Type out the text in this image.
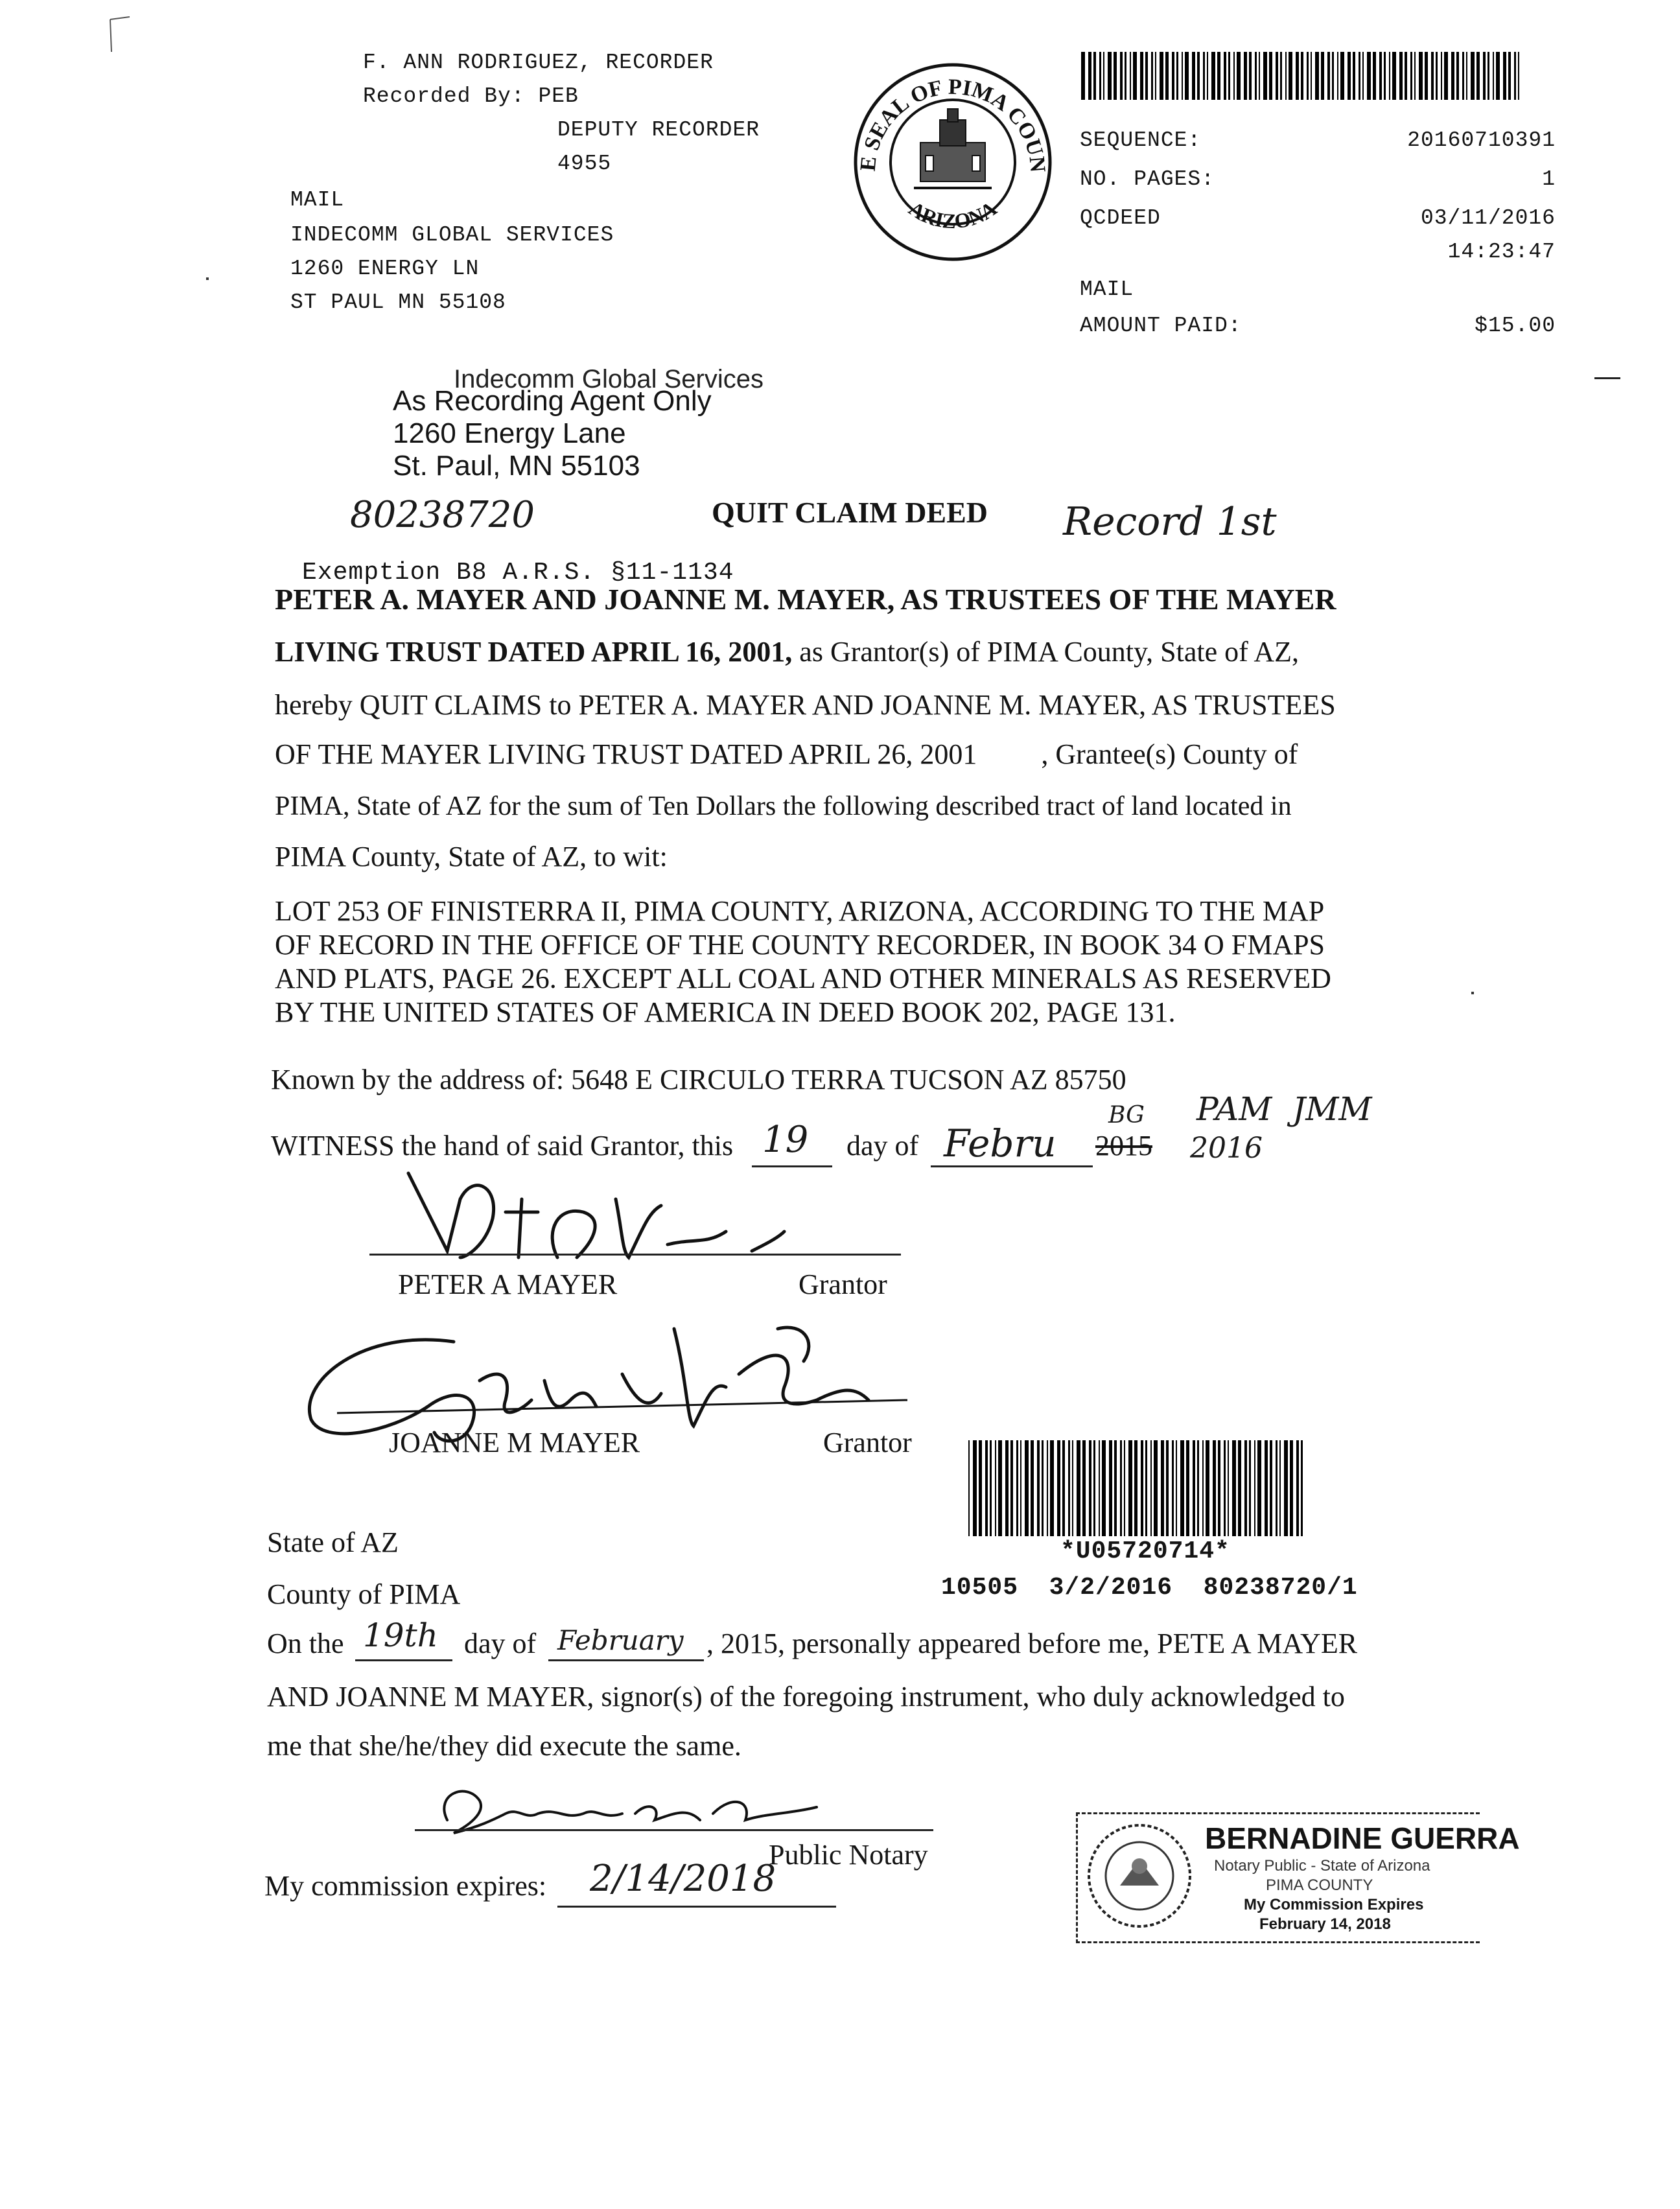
F. ANN RODRIGUEZ, RECORDER
Recorded By: PEB
DEPUTY RECORDER
4955
MAIL
INDECOMM GLOBAL SERVICES
1260 ENERGY LN
ST PAUL MN 55108
THE SEAL OF PIMA COUNTY
ARIZONA
SEQUENCE:	20160710391
NO. PAGES:	1
QCDEED	03/11/2016
14:23:47
MAIL
AMOUNT PAID:	$15.00
Indecomm Global Services
As Recording Agent Only
1260 Energy Lane
St. Paul, MN 55103
80238720	QUIT CLAIM DEED Record 1st
Exemption B8 A.R.S. §11-1134
PETER A. MAYER AND JOANNE M. MAYER, AS TRUSTEES OF THE MAYER
LIVING TRUST DATED APRIL 16, 2001, as Grantor(s) of PIMA County, State of AZ,
hereby QUIT CLAIMS to PETER A. MAYER AND JOANNE M. MAYER, AS TRUSTEES
OF THE MAYER LIVING TRUST DATED APRIL 26, 2001         , Grantee(s) County of
PIMA, State of AZ for the sum of Ten Dollars the following described tract of land located in
PIMA County, State of AZ, to wit:
LOT 253 OF FINISTERRA II, PIMA COUNTY, ARIZONA, ACCORDING TO THE MAP
OF RECORD IN THE OFFICE OF THE COUNTY RECORDER, IN BOOK 34 O FMAPS
AND PLATS, PAGE 26. EXCEPT ALL COAL AND OTHER MINERALS AS RESERVED
BY THE UNITED STATES OF AMERICA IN DEED BOOK 202, PAGE 131.
Known by the address of: 5648 E CIRCULO TERRA TUCSON AZ 85750
WITNESS the hand of said Grantor, this 19 day of Febru 2015 2016
BG PAM  JMM
PETER A MAYER	Grantor
JOANNE M MAYER	Grantor
*U05720714*
10505  3/2/2016  80238720/1
State of AZ
County of PIMA
On the 19th day of February , 2015, personally appeared before me, PETE A MAYER
AND JOANNE M MAYER, signor(s) of the foregoing instrument, who duly acknowledged to
me that she/he/they did execute the same.
Public Notary
My commission expires: 2/14/2018
BERNADINE GUERRA
Notary Public - State of Arizona
PIMA COUNTY
My Commission Expires
February 14, 2018
